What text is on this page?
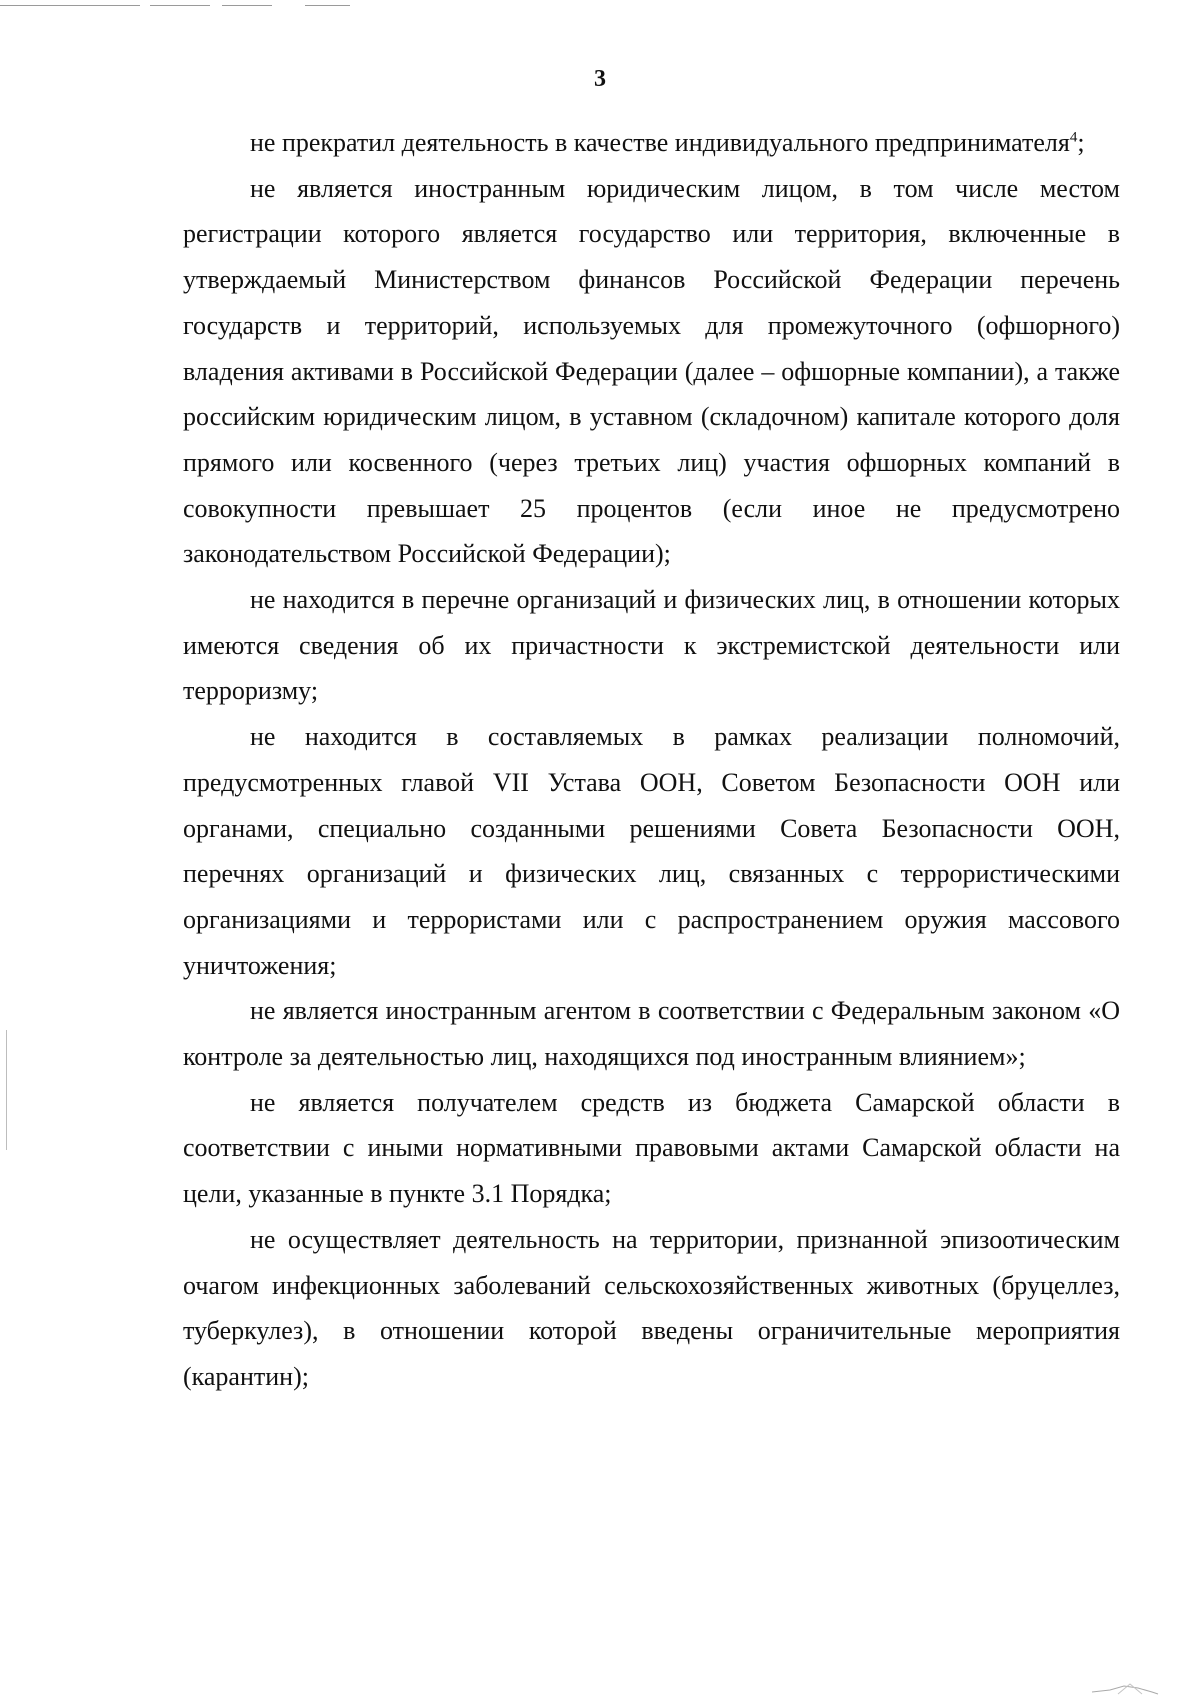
3

не прекратил деятельность в качестве индивидуального предпринимателя$^4$;

не является иностранным юридическим лицом, в том числе местом регистрации которого является государство или территория, включенные в утверждаемый Министерством финансов Российской Федерации перечень государств и территорий, используемых для промежуточного (офшорного) владения активами в Российской Федерации (далее – офшорные компании), а также российским юридическим лицом, в уставном (складочном) капитале которого доля прямого или косвенного (через третьих лиц) участия офшорных компаний в совокупности превышает 25 процентов (если иное не предусмотрено законодательством Российской Федерации);

не находится в перечне организаций и физических лиц, в отношении которых имеются сведения об их причастности к экстремистской деятельности или терроризму;

не находится в составляемых в рамках реализации полномочий, предусмотренных главой VII Устава ООН, Советом Безопасности ООН или органами, специально созданными решениями Совета Безопасности ООН, перечнях организаций и физических лиц, связанных с террористическими организациями и террористами или с распространением оружия массового уничтожения;

не является иностранным агентом в соответствии с Федеральным законом «О контроле за деятельностью лиц, находящихся под иностранным влиянием»;

не является получателем средств из бюджета Самарской области в соответствии с иными нормативными правовыми актами Самарской области на цели, указанные в пункте 3.1 Порядка;

не осуществляет деятельность на территории, признанной эпизоотическим очагом инфекционных заболеваний сельскохозяйственных животных (бруцеллез, туберкулез), в отношении которой введены ограничительные мероприятия (карантин);
